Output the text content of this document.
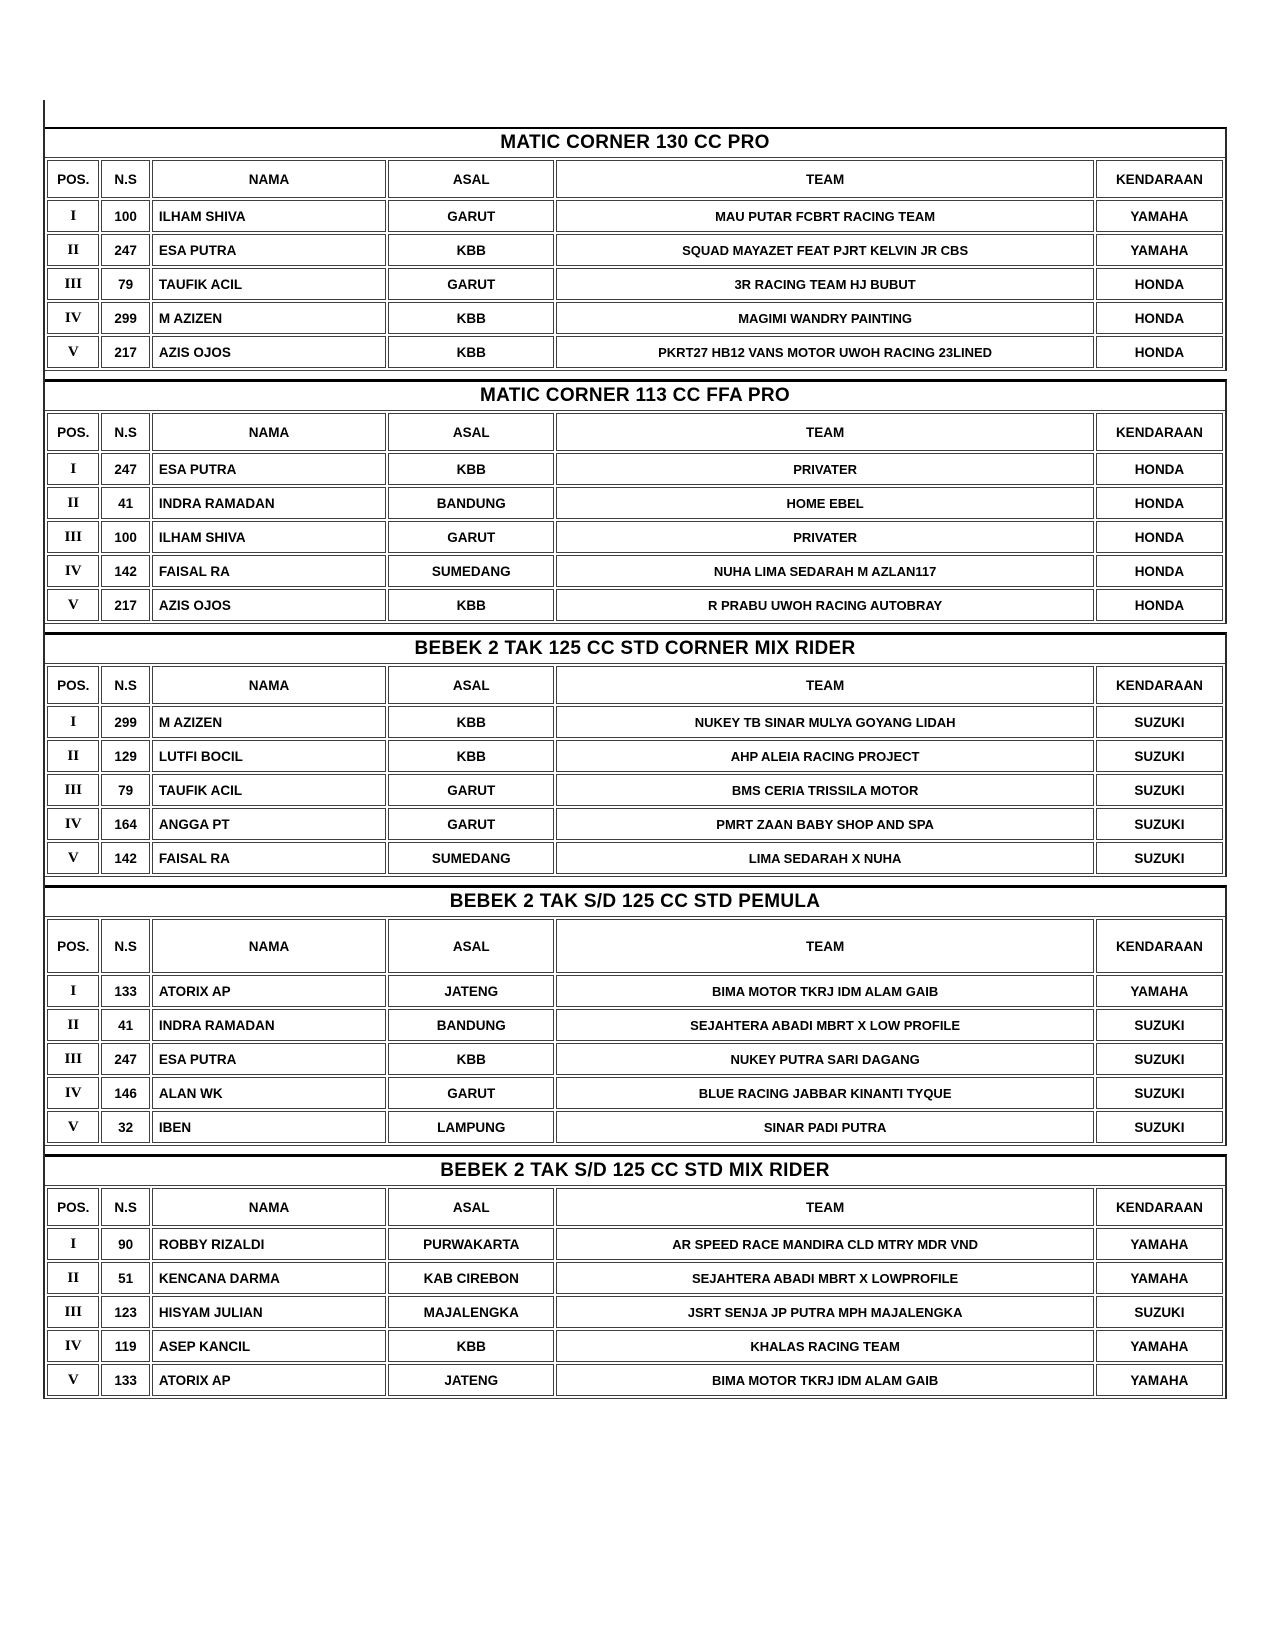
MATIC CORNER 130 CC PRO
POS.	N.S	NAMA	ASAL	TEAM	KENDARAAN
I	100	ILHAM SHIVA	GARUT	MAU PUTAR FCBRT RACING TEAM	YAMAHA
II	247	ESA PUTRA	KBB	SQUAD MAYAZET FEAT PJRT KELVIN JR CBS	YAMAHA
III	79	TAUFIK ACIL	GARUT	3R RACING TEAM HJ BUBUT	HONDA
IV	299	M AZIZEN	KBB	MAGIMI WANDRY PAINTING	HONDA
V	217	AZIS OJOS	KBB	PKRT27 HB12 VANS MOTOR UWOH RACING 23LINED	HONDA
MATIC CORNER 113 CC FFA PRO
POS.	N.S	NAMA	ASAL	TEAM	KENDARAAN
I	247	ESA PUTRA	KBB	PRIVATER	HONDA
II	41	INDRA RAMADAN	BANDUNG	HOME EBEL	HONDA
III	100	ILHAM SHIVA	GARUT	PRIVATER	HONDA
IV	142	FAISAL RA	SUMEDANG	NUHA LIMA SEDARAH M AZLAN117	HONDA
V	217	AZIS OJOS	KBB	R PRABU UWOH RACING AUTOBRAY	HONDA
BEBEK 2 TAK 125 CC STD CORNER MIX RIDER
POS.	N.S	NAMA	ASAL	TEAM	KENDARAAN
I	299	M AZIZEN	KBB	NUKEY TB SINAR MULYA GOYANG LIDAH	SUZUKI
II	129	LUTFI BOCIL	KBB	AHP ALEIA RACING PROJECT	SUZUKI
III	79	TAUFIK ACIL	GARUT	BMS CERIA TRISSILA MOTOR	SUZUKI
IV	164	ANGGA PT	GARUT	PMRT ZAAN BABY SHOP AND SPA	SUZUKI
V	142	FAISAL RA	SUMEDANG	LIMA SEDARAH X NUHA	SUZUKI
BEBEK 2 TAK S/D 125 CC STD PEMULA
POS.	N.S	NAMA	ASAL	TEAM	KENDARAAN
I	133	ATORIX AP	JATENG	BIMA MOTOR TKRJ IDM ALAM GAIB	YAMAHA
II	41	INDRA RAMADAN	BANDUNG	SEJAHTERA ABADI MBRT X LOW PROFILE	SUZUKI
III	247	ESA PUTRA	KBB	NUKEY PUTRA SARI DAGANG	SUZUKI
IV	146	ALAN WK	GARUT	BLUE RACING JABBAR KINANTI TYQUE	SUZUKI
V	32	IBEN	LAMPUNG	SINAR PADI PUTRA	SUZUKI
BEBEK 2 TAK S/D 125 CC STD MIX RIDER
POS.	N.S	NAMA	ASAL	TEAM	KENDARAAN
I	90	ROBBY RIZALDI	PURWAKARTA	AR SPEED RACE MANDIRA CLD MTRY MDR VND	YAMAHA
II	51	KENCANA DARMA	KAB CIREBON	SEJAHTERA ABADI MBRT X LOWPROFILE	YAMAHA
III	123	HISYAM JULIAN	MAJALENGKA	JSRT SENJA JP PUTRA MPH MAJALENGKA	SUZUKI
IV	119	ASEP KANCIL	KBB	KHALAS RACING TEAM	YAMAHA
V	133	ATORIX AP	JATENG	BIMA MOTOR TKRJ IDM ALAM GAIB	YAMAHA
